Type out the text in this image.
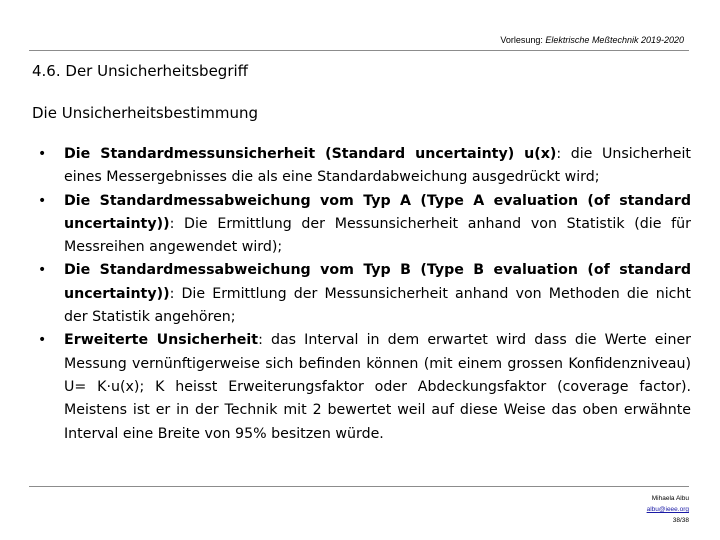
Vorlesung: Elektrische Meßtechnik 2019-2020
4.6. Der Unsicherheitsbegriff
Die Unsicherheitsbestimmung
• Die Standardmessunsicherheit (Standard uncertainty) u(x): die Unsicherheit eines Messergebnisses die als eine Standardabweichung ausgedrückt wird;
• Die Standardmessabweichung vom Typ A (Type A evaluation (of standard uncertainty)): Die Ermittlung der Messunsicherheit anhand von Statistik (die für Messreihen angewendet wird);
• Die Standardmessabweichung vom Typ B (Type B evaluation (of standard uncertainty)): Die Ermittlung der Messunsicherheit anhand von Methoden die nicht der Statistik angehören;
• Erweiterte Unsicherheit: das Interval in dem erwartet wird dass die Werte einer Messung vernünftigerweise sich befinden können (mit einem grossen Konfidenzniveau) U= K·u(x); K heisst Erweiterungsfaktor oder Abdeckungsfaktor (coverage factor). Meistens ist er in der Technik mit 2 bewertet weil auf diese Weise das oben erwähnte Interval eine Breite von 95% besitzen würde.
Mihaela Albu
albu@ieee.org
38/38
